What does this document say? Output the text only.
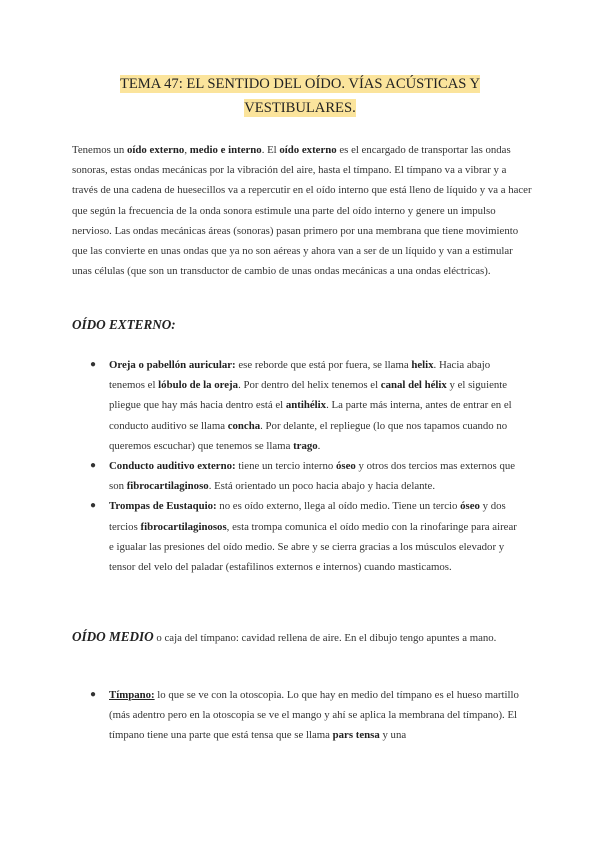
TEMA 47: EL SENTIDO DEL OÍDO. VÍAS ACÚSTICAS Y
VESTIBULARES.

Tenemos un oído externo, medio e interno. El oído externo es el encargado de transportar las ondas sonoras, estas ondas mecánicas por la vibración del aire, hasta el tímpano. El tímpano va a vibrar y a través de una cadena de huesecillos va a repercutir en el oído interno que está lleno de líquido y va a hacer que según la frecuencia de la onda sonora estimule una parte del oído interno y genere un impulso nervioso. Las ondas mecánicas áreas (sonoras) pasan primero por una membrana que tiene movimiento que las convierte en unas ondas que ya no son aéreas y ahora van a ser de un líquido y van a estimular unas células (que son un transductor de cambio de unas ondas mecánicas a una ondas eléctricas).

OÍDO EXTERNO:
● Oreja o pabellón auricular: ese reborde que está por fuera, se llama helix. Hacia abajo tenemos el lóbulo de la oreja. Por dentro del helix tenemos el canal del hélix y el siguiente pliegue que hay más hacia dentro está el antihélix. La parte más interna, antes de entrar en el conducto auditivo se llama concha. Por delante, el repliegue (lo que nos tapamos cuando no queremos escuchar) que tenemos se llama trago.
● Conducto auditivo externo: tiene un tercio interno óseo y otros dos tercios mas externos que son fibrocartilaginoso. Está orientado un poco hacia abajo y hacia delante.
● Trompas de Eustaquio: no es oído externo, llega al oído medio. Tiene un tercio óseo y dos tercios fibrocartilaginosos, esta trompa comunica el oído medio con la rinofaringe para airear e igualar las presiones del oído medio. Se abre y se cierra gracias a los músculos elevador y tensor del velo del paladar (estafilinos externos e internos) cuando masticamos.

OÍDO MEDIO o caja del tímpano: cavidad rellena de aire. En el dibujo tengo apuntes a mano.

● Tímpano: lo que se ve con la otoscopia. Lo que hay en medio del tímpano es el hueso martillo (más adentro pero en la otoscopia se ve el mango y ahí se aplica la membrana del tímpano). El tímpano tiene una parte que está tensa que se llama pars tensa y una
